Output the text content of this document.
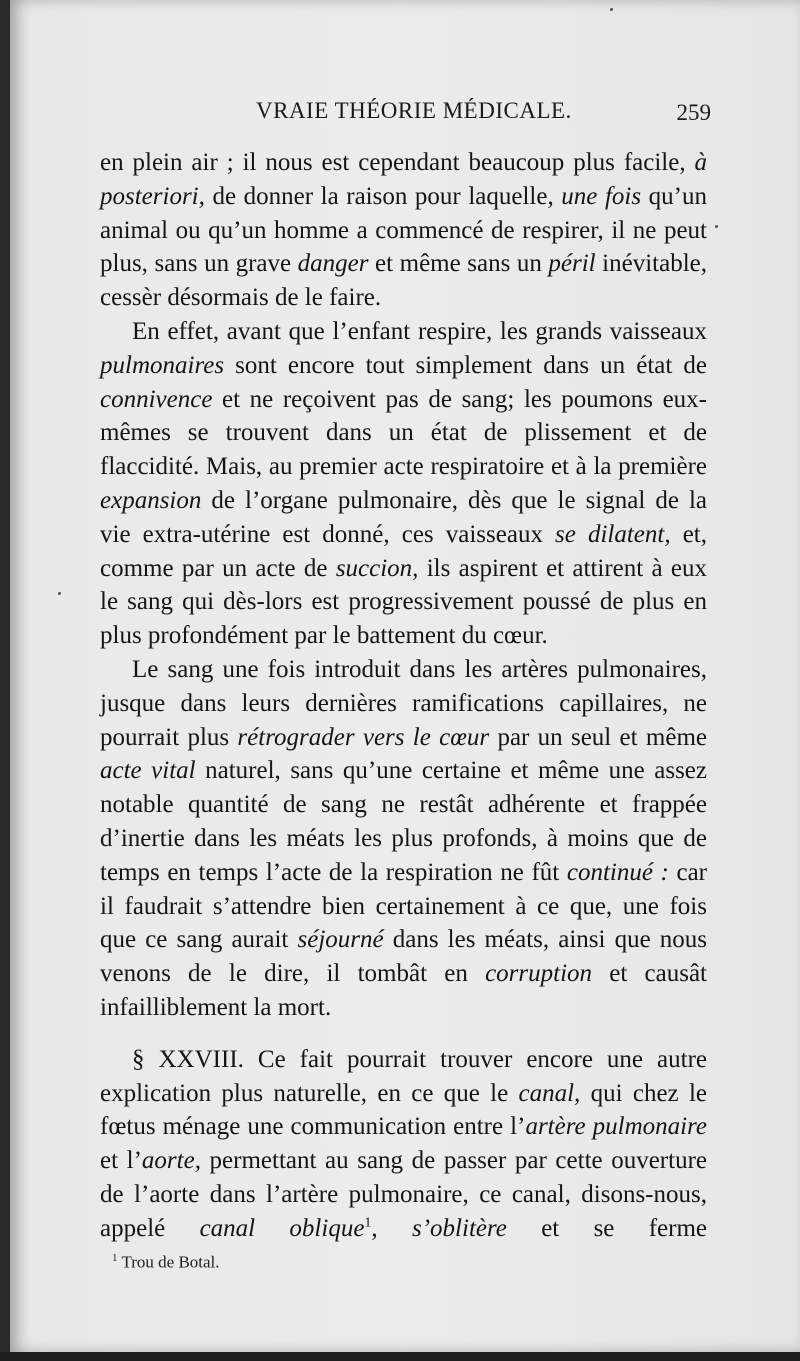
VRAIE THÉORIE MÉDICALE.	259

en plein air ; il nous est cependant beaucoup plus facile, à posteriori, de donner la raison pour laquelle, une fois qu’un animal ou qu’un homme a commencé de respirer, il ne peut plus, sans un grave danger et même sans un péril inévitable, cessèr désormais de le faire.

En effet, avant que l’enfant respire, les grands vaisseaux pulmonaires sont encore tout simplement dans un état de connivence et ne reçoivent pas de sang; les poumons eux-mêmes se trouvent dans un état de plissement et de flaccidité. Mais, au premier acte respiratoire et à la première expansion de l’organe pulmonaire, dès que le signal de la vie extra-utérine est donné, ces vaisseaux se dilatent, et, comme par un acte de succion, ils aspirent et attirent à eux le sang qui dès-lors est progressivement poussé de plus en plus profondément par le battement du cœur.

Le sang une fois introduit dans les artères pulmonaires, jusque dans leurs dernières ramifications capillaires, ne pourrait plus rétrograder vers le cœur par un seul et même acte vital naturel, sans qu’une certaine et même une assez notable quantité de sang ne restât adhérente et frappée d’inertie dans les méats les plus profonds, à moins que de temps en temps l’acte de la respiration ne fût continué : car il faudrait s’attendre bien certainement à ce que, une fois que ce sang aurait séjourné dans les méats, ainsi que nous venons de le dire, il tombât en corruption et causât infailliblement la mort.

§ XXVIII. Ce fait pourrait trouver encore une autre explication plus naturelle, en ce que le canal, qui chez le fœtus ménage une communication entre l’artère pulmonaire et l’aorte, permettant au sang de passer par cette ouverture de l’aorte dans l’artère pulmonaire, ce canal, disons-nous, appelé canal oblique$^1$, s’oblitère et se ferme

$^1$ Trou de Botal.
